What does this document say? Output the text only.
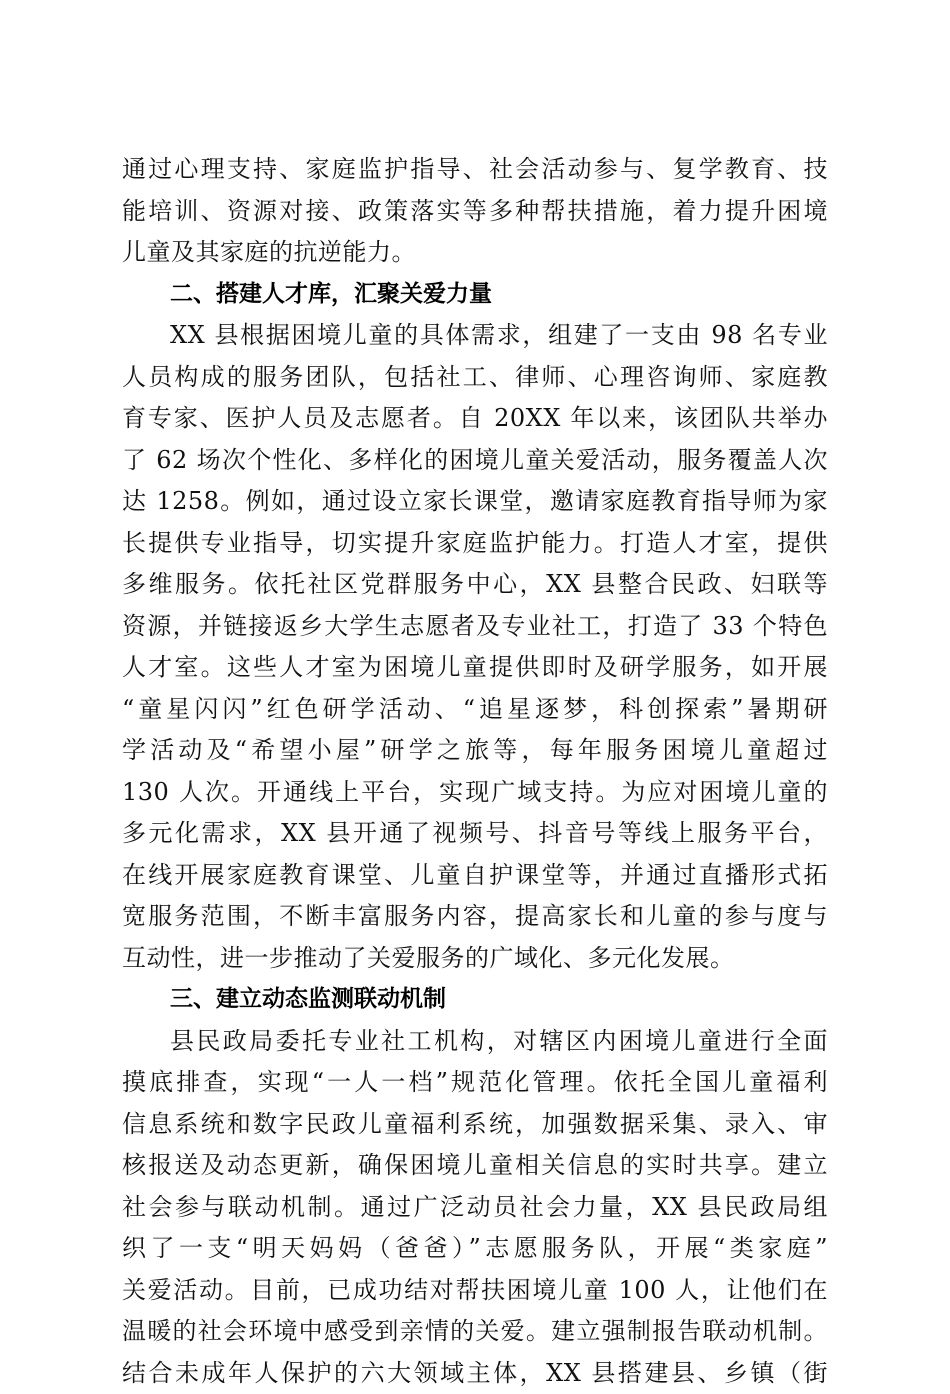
通过心理支持、家庭监护指导、社会活动参与、复学教育、技
能培训、资源对接、政策落实等多种帮扶措施，着力提升困境
儿童及其家庭的抗逆能力。
二、搭建人才库，汇聚关爱力量
XX 县根据困境儿童的具体需求，组建了一支由 98 名专业
人员构成的服务团队，包括社工、律师、心理咨询师、家庭教
育专家、医护人员及志愿者。自 20XX 年以来，该团队共举办
了 62 场次个性化、多样化的困境儿童关爱活动，服务覆盖人次
达 1258。例如，通过设立家长课堂，邀请家庭教育指导师为家
长提供专业指导，切实提升家庭监护能力。打造人才室，提供
多维服务。依托社区党群服务中心，XX 县整合民政、妇联等
资源，并链接返乡大学生志愿者及专业社工，打造了 33 个特色
人才室。这些人才室为困境儿童提供即时及研学服务，如开展
“童星闪闪”红色研学活动、“追星逐梦，科创探索”暑期研
学活动及“希望小屋”研学之旅等，每年服务困境儿童超过
130 人次。开通线上平台，实现广域支持。为应对困境儿童的
多元化需求，XX 县开通了视频号、抖音号等线上服务平台，
在线开展家庭教育课堂、儿童自护课堂等，并通过直播形式拓
宽服务范围，不断丰富服务内容，提高家长和儿童的参与度与
互动性，进一步推动了关爱服务的广域化、多元化发展。
三、建立动态监测联动机制
县民政局委托专业社工机构，对辖区内困境儿童进行全面
摸底排查，实现“一人一档”规范化管理。依托全国儿童福利
信息系统和数字民政儿童福利系统，加强数据采集、录入、审
核报送及动态更新，确保困境儿童相关信息的实时共享。建立
社会参与联动机制。通过广泛动员社会力量，XX 县民政局组
织了一支“明天妈妈（爸爸）”志愿服务队，开展“类家庭”
关爱活动。目前，已成功结对帮扶困境儿童 100 人，让他们在
温暖的社会环境中感受到亲情的关爱。建立强制报告联动机制。
结合未成年人保护的六大领域主体，XX 县搭建县、乡镇（街
